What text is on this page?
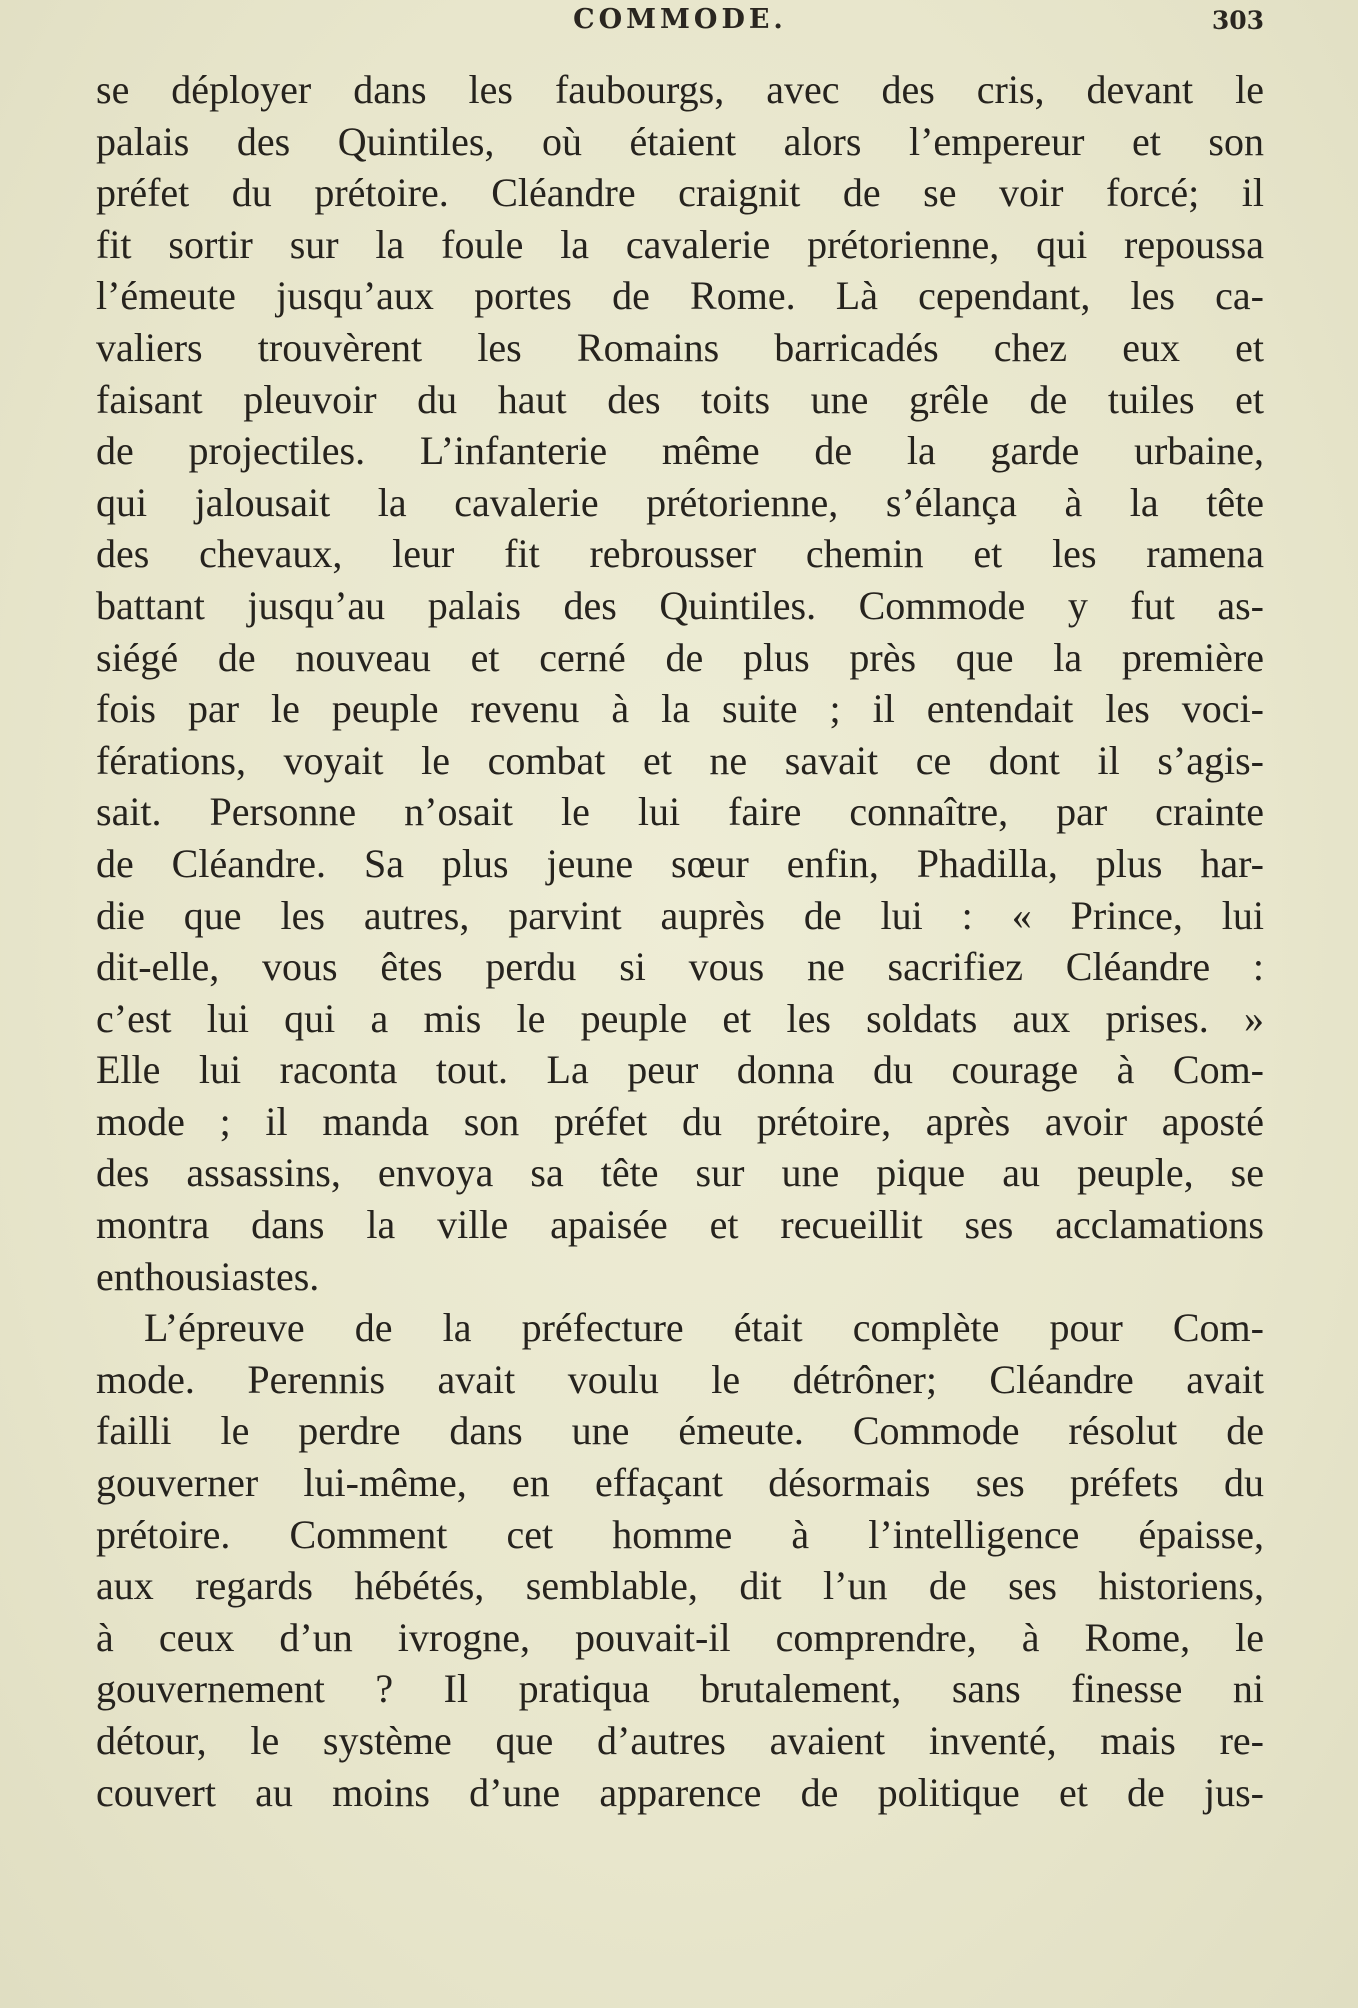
COMMODE.	303
se déployer dans les faubourgs, avec des cris, devant le
palais des Quintiles, où étaient alors l’empereur et son
préfet du prétoire. Cléandre craignit de se voir forcé; il
fit sortir sur la foule la cavalerie prétorienne, qui repoussa
l’émeute jusqu’aux portes de Rome. Là cependant, les ca-
valiers trouvèrent les Romains barricadés chez eux et
faisant pleuvoir du haut des toits une grêle de tuiles et
de projectiles. L’infanterie même de la garde urbaine,
qui jalousait la cavalerie prétorienne, s’élança à la tête
des chevaux, leur fit rebrousser chemin et les ramena
battant jusqu’au palais des Quintiles. Commode y fut as-
siégé de nouveau et cerné de plus près que la première
fois par le peuple revenu à la suite ; il entendait les voci-
férations, voyait le combat et ne savait ce dont il s’agis-
sait. Personne n’osait le lui faire connaître, par crainte
de Cléandre. Sa plus jeune sœur enfin, Phadilla, plus har-
die que les autres, parvint auprès de lui : « Prince, lui
dit-elle, vous êtes perdu si vous ne sacrifiez Cléandre :
c’est lui qui a mis le peuple et les soldats aux prises. »
Elle lui raconta tout. La peur donna du courage à Com-
mode ; il manda son préfet du prétoire, après avoir aposté
des assassins, envoya sa tête sur une pique au peuple, se
montra dans la ville apaisée et recueillit ses acclamations
enthousiastes.
L’épreuve de la préfecture était complète pour Com-
mode. Perennis avait voulu le détrôner; Cléandre avait
failli le perdre dans une émeute. Commode résolut de
gouverner lui-même, en effaçant désormais ses préfets du
prétoire. Comment cet homme à l’intelligence épaisse,
aux regards hébétés, semblable, dit l’un de ses historiens,
à ceux d’un ivrogne, pouvait-il comprendre, à Rome, le
gouvernement ? Il pratiqua brutalement, sans finesse ni
détour, le système que d’autres avaient inventé, mais re-
couvert au moins d’une apparence de politique et de jus-
